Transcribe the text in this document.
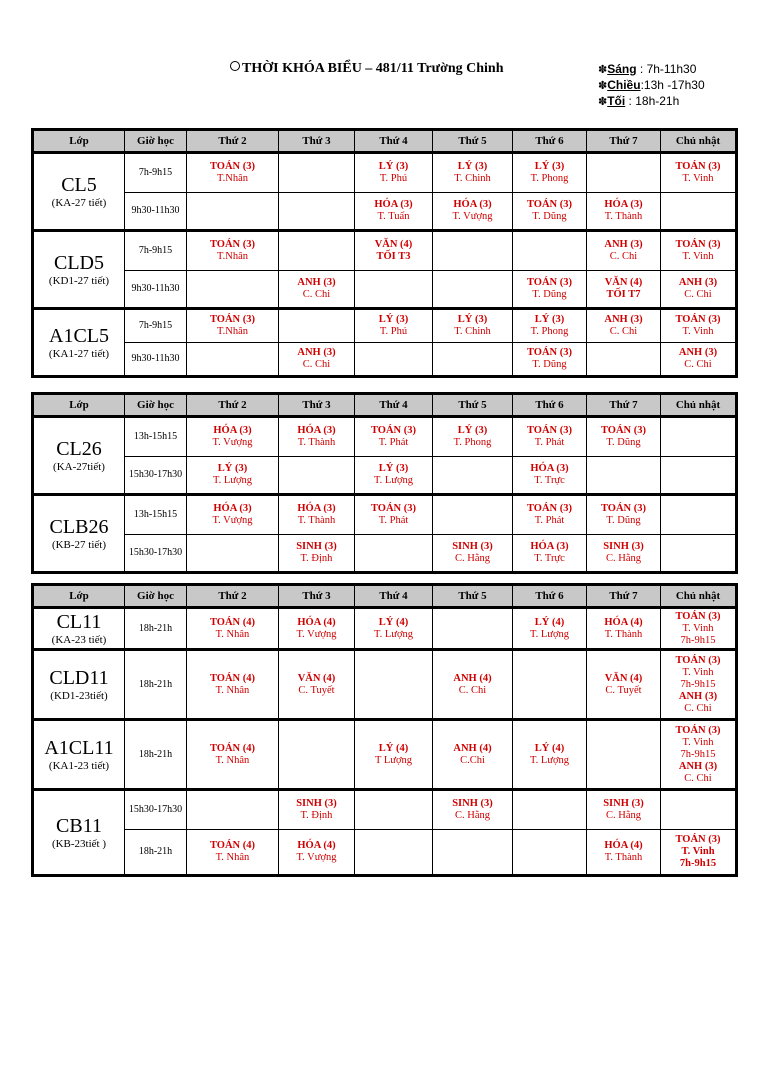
THỜI KHÓA BIỂU – 481/11 Trường Chinh	✽Sáng : 7h-11h30
✽Chiều:13h -17h30
✽Tối : 18h-21h
Lớp	Giờ học	Thứ 2	Thứ 3	Thứ 4	Thứ 5	Thứ 6	Thứ 7	Chủ nhật
CL5
(KA-27 tiết)	7h-9h15	TOÁN (3)
T.Nhân		LÝ (3)
T. Phú	LÝ (3)
T. Chinh	LÝ (3)
T. Phong		TOÁN (3)
T. Vinh

	9h30-11h30			HÓA (3)
T. Tuấn	HÓA (3)
T. Vượng	TOÁN (3)
T. Dũng	HÓA (3)
T. Thành	

CLD5
(KD1-27 tiết)	7h-9h15	TOÁN (3)
T.Nhân		VĂN (4)
TỐI T3			ANH (3)
C. Chi	TOÁN (3)
T. Vinh

	9h30-11h30		ANH (3)
C. Chi			TOÁN (3)
T. Dũng	VĂN (4)
TỐI T7	ANH (3)
C. Chi

A1CL5
(KA1-27 tiết)	7h-9h15	TOÁN (3)
T.Nhân		LÝ (3)
T. Phú	LÝ (3)
T. Chinh	LÝ (3)
T. Phong	ANH (3)
C. Chi	TOÁN (3)
T. Vinh

	9h30-11h30		ANH (3)
C. Chi			TOÁN (3)
T. Dũng		ANH (3)
C. Chi
Lớp	Giờ học	Thứ 2	Thứ 3	Thứ 4	Thứ 5	Thứ 6	Thứ 7	Chủ nhật
CL26
(KA-27tiết)	13h-15h15	HÓA (3)
T. Vượng	HÓA (3)
T. Thành	TOÁN (3)
T. Phát	LÝ (3)
T. Phong	TOÁN (3)
T. Phát	TOÁN (3)
T. Dũng	

	15h30-17h30	LÝ (3)
T. Lượng		LÝ (3)
T. Lượng		HÓA (3)
T. Trực		

CLB26
(KB-27 tiết)	13h-15h15	HÓA (3)
T. Vượng	HÓA (3)
T. Thành	TOÁN (3)
T. Phát		TOÁN (3)
T. Phát	TOÁN (3)
T. Dũng	

	15h30-17h30		SINH (3)
T. Định		SINH (3)
C. Hằng	HÓA (3)
T. Trực	SINH (3)
C. Hằng	

Lớp	Giờ học	Thứ 2	Thứ 3	Thứ 4	Thứ 5	Thứ 6	Thứ 7	Chủ nhật
CL11
(KA-23 tiết)	18h-21h	TOÁN (4)
T. Nhân	HÓA (4)
T. Vượng	LÝ (4)
T. Lượng		LÝ (4)
T. Lượng	HÓA (4)
T. Thành	TOÁN (3)
T. Vinh
7h-9h15

CLD11
(KD1-23tiết)	18h-21h	TOÁN (4)
T. Nhân	VĂN (4)
C. Tuyết		ANH (4)
C. Chi		VĂN (4)
C. Tuyết	TOÁN (3)
T. Vinh
7h-9h15
ANH (3)
C. Chi

A1CL11
(KA1-23 tiết)	18h-21h	TOÁN (4)
T. Nhân		LÝ (4)
T Lượng	ANH (4)
C.Chi	LÝ (4)
T. Lượng		TOÁN (3)
T. Vinh
7h-9h15
ANH (3)
C. Chi

CB11
(KB-23tiết )	15h30-17h30		SINH (3)
T. Định		SINH (3)
C. Hằng		SINH (3)
C. Hằng	

	18h-21h	TOÁN (4)
T. Nhân	HÓA (4)
T. Vượng				HÓA (4)
T. Thành	TOÁN (3)
T. Vinh
7h-9h15
